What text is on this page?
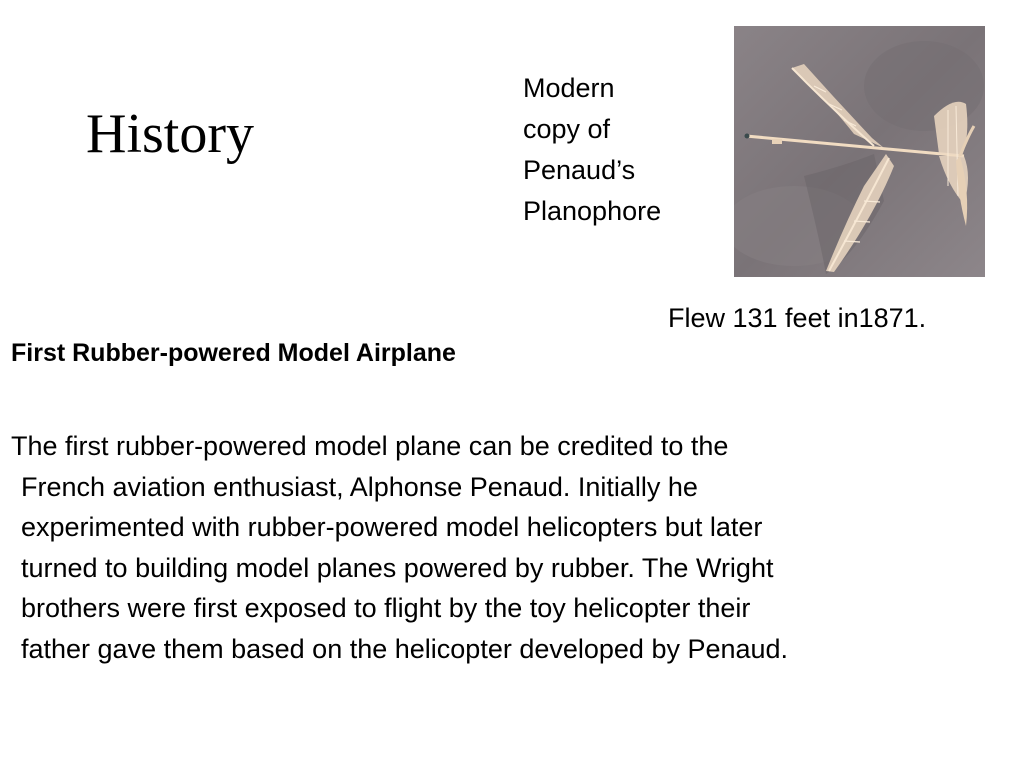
History
Modern
copy of
Penaud’s
Planophore
Flew 131 feet in1871.
First Rubber-powered Model Airplane
The first rubber-powered model plane can be credited to the
French aviation enthusiast, Alphonse Penaud. Initially he
experimented with rubber-powered model helicopters but later
turned to building model planes powered by rubber. The Wright
brothers were first exposed to flight by the toy helicopter their
father gave them based on the helicopter developed by Penaud.
